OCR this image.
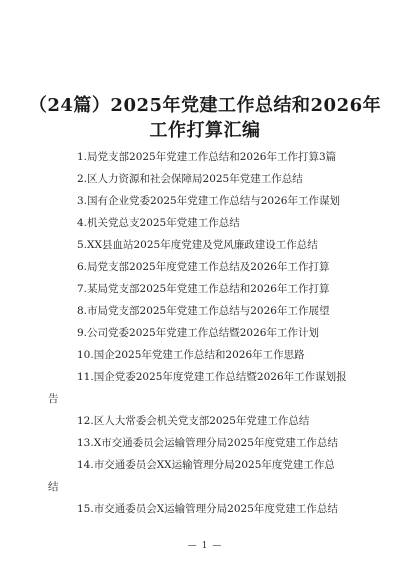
（24篇）2025年党建工作总结和2026年
工作打算汇编
1.局党支部2025年党建工作总结和2026年工作打算3篇
2.区人力资源和社会保障局2025年党建工作总结
3.国有企业党委2025年党建工作总结与2026年工作谋划
4.机关党总支2025年党建工作总结
5.XX县血站2025年度党建及党风廉政建设工作总结
6.局党支部2025年度党建工作总结及2026年工作打算
7.某局党支部2025年党建工作总结和2026年工作打算
8.市局党支部2025年党建工作总结与2026年工作展望
9.公司党委2025年党建工作总结暨2026年工作计划
10.国企2025年党建工作总结和2026年工作思路
11.国企党委2025年度党建工作总结暨2026年工作谋划报
告
12.区人大常委会机关党支部2025年党建工作总结
13.X市交通委员会运输管理分局2025年度党建工作总结
14.市交通委员会XX运输管理分局2025年度党建工作总
结
15.市交通委员会X运输管理分局2025年度党建工作总结
— 1 —
